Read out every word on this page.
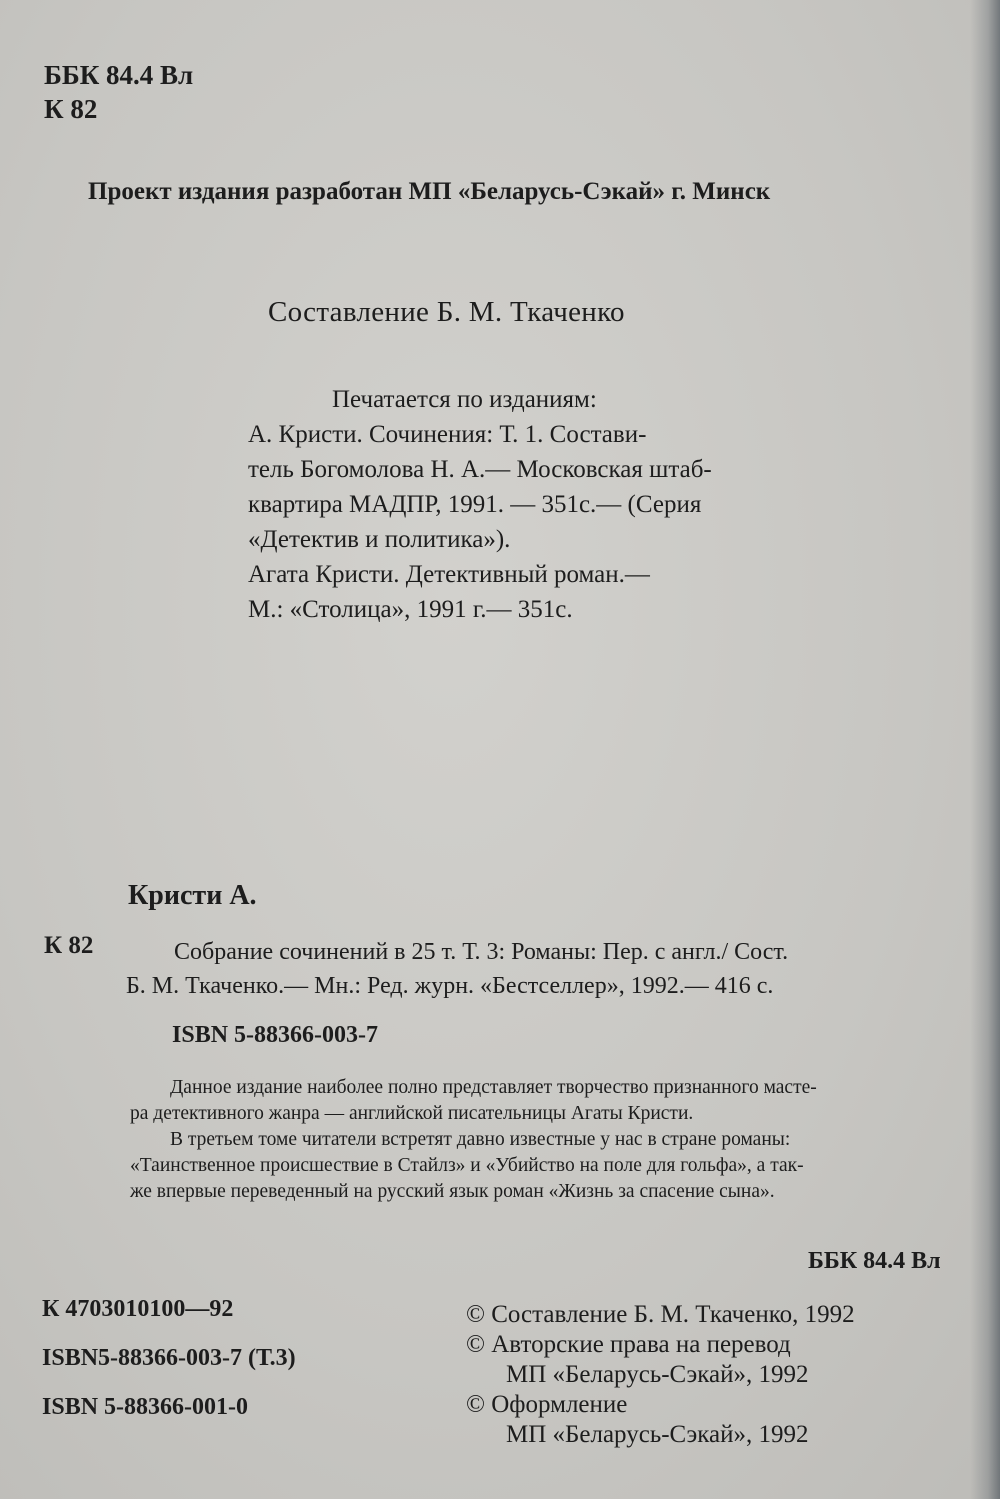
ББК 84.4 Вл
К 82
Проект издания разработан МП «Беларусь-Сэкай» г. Минск
Составление Б. М. Ткаченко
Печатается по изданиям:
А. Кристи. Сочинения: Т. 1. Состави-
тель Богомолова Н. А.— Московская штаб-
квартира МАДПР, 1991. — 351с.— (Серия
«Детектив и политика»).
Агата Кристи. Детективный роман.—
М.: «Столица», 1991 г.— 351с.
Кристи А.
К 82	Собрание сочинений в 25 т. Т. 3: Романы: Пер. с англ./ Сост.
Б. М. Ткаченко.— Мн.: Ред. журн. «Бестселлер», 1992.— 416 с.
ISBN 5-88366-003-7
Данное издание наиболее полно представляет творчество признанного масте-
ра детективного жанра — английской писательницы Агаты Кристи.
В третьем томе читатели встретят давно известные у нас в стране романы:
«Таинственное происшествие в Стайлз» и «Убийство на поле для гольфа», а так-
же впервые переведенный на русский язык роман «Жизнь за спасение сына».
ББК 84.4 Вл
К 4703010100—92
ISBN5-88366-003-7 (Т.3)
ISBN 5-88366-001-0
© Составление Б. М. Ткаченко, 1992
© Авторские права на перевод
МП «Беларусь-Сэкай», 1992
© Оформление
МП «Беларусь-Сэкай», 1992
